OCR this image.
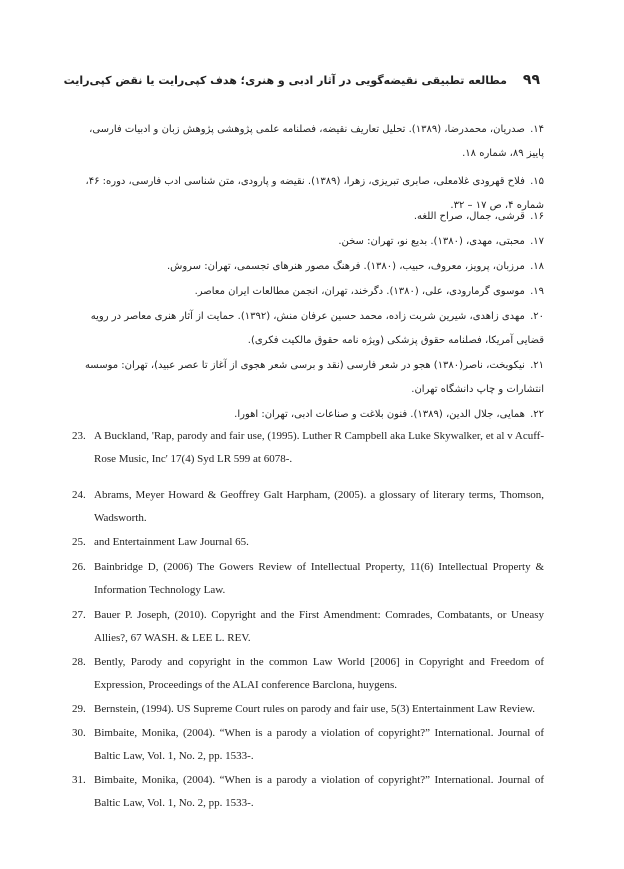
۹۹
مطالعه تطبیقی نقیضه‌گویی در آثار ادبی و هنری؛ هدف کپی‌رایت یا نقض کپی‌رایت
۱۴. صدریان، محمدرضا، (۱۳۸۹). تحلیل تعاریف نقیضه، فصلنامه علمی پژوهشی پژوهش زبان و ادبیات فارسی، پاییز ۸۹، شماره ۱۸.
۱۵. فلاح قهرودی غلامعلی، صابری تبریزی، زهرا، (۱۳۸۹). نقیضه و پارودی، متن شناسی ادب فارسی، دوره: ۴۶، شماره ۴، ص ۱۷ – ۳۲.
۱۶. قرشی، جمال، صراح اللغه.
۱۷. محبتی، مهدی، (۱۳۸۰). بدیع نو، تهران: سخن.
۱۸. مرزبان، پرویز، معروف، حبیب، (۱۳۸۰). فرهنگ مصور هنرهای تجسمی، تهران: سروش.
۱۹. موسوی گرمارودی، علی، (۱۳۸۰). دگرخند، تهران، انجمن مطالعات ایران معاصر.
۲۰. مهدی زاهدی، شیرین شربت زاده، محمد حسین عرفان منش، (۱۳۹۲). حمایت از آثار هنری معاصر در رویه قضایی آمریکا، فصلنامه حقوق پزشکی (ویژه نامه حقوق مالکیت فکری).
۲۱. نیکوبخت، ناصر(۱۳۸۰) هجو در شعر فارسی (نقد و برسی شعر هجوی از آغاز تا عصر عبید)، تهران: موسسه انتشارات و چاپ دانشگاه تهران.
۲۲. همایی، جلال الدین، (۱۳۸۹). فنون بلاغت و صناعات ادبی، تهران: اهورا.
23. A Buckland, 'Rap, parody and fair use, (1995). Luther R Campbell aka Luke Skywalker, et al v Acuff-Rose Music, Inc' 17(4) Syd LR 599 at 6078-.
24. Abrams, Meyer Howard & Geoffrey Galt Harpham, (2005). a glossary of literary terms, Thomson, Wadsworth.
25. and Entertainment Law Journal 65.
26. Bainbridge D, (2006) The Gowers Review of Intellectual Property, 11(6) Intellectual Property & Information Technology Law.
27. Bauer P. Joseph, (2010). Copyright and the First Amendment: Comrades, Combatants, or Uneasy Allies?, 67 WASH. & LEE L. REV.
28. Bently, Parody and copyright in the common Law World [2006] in Copyright and Freedom of Expression, Proceedings of the ALAI conference Barclona, huygens.
29. Bernstein, (1994). US Supreme Court rules on parody and fair use, 5(3) Entertainment Law Review.
30. Bimbaite, Monika, (2004). “When is a parody a violation of copyright?” International. Journal of Baltic Law, Vol. 1, No. 2, pp. 1533-.
31. Bimbaite, Monika, (2004). “When is a parody a violation of copyright?” International. Journal of Baltic Law, Vol. 1, No. 2, pp. 1533-.
